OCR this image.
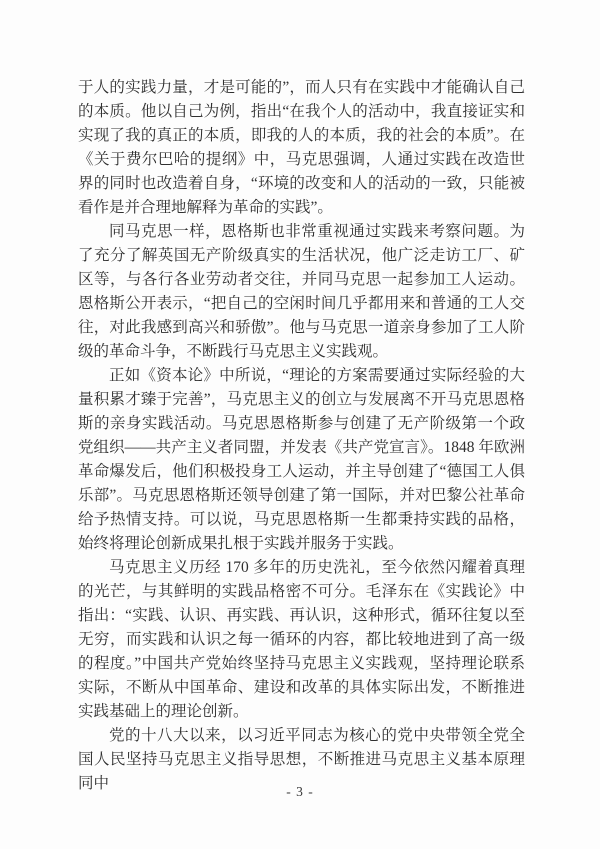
于人的实践力量，才是可能的”，而人只有在实践中才能确认自己的本质。他以自己为例，指出“在我个人的活动中，我直接证实和实现了我的真正的本质，即我的人的本质，我的社会的本质”。在《关于费尔巴哈的提纲》中，马克思强调，人通过实践在改造世界的同时也改造着自身，“环境的改变和人的活动的一致，只能被看作是并合理地解释为革命的实践”。

同马克思一样，恩格斯也非常重视通过实践来考察问题。为了充分了解英国无产阶级真实的生活状况，他广泛走访工厂、矿区等，与各行各业劳动者交往，并同马克思一起参加工人运动。恩格斯公开表示，“把自己的空闲时间几乎都用来和普通的工人交往，对此我感到高兴和骄傲”。他与马克思一道亲身参加了工人阶级的革命斗争，不断践行马克思主义实践观。

正如《资本论》中所说，“理论的方案需要通过实际经验的大量积累才臻于完善”，马克思主义的创立与发展离不开马克思恩格斯的亲身实践活动。马克思恩格斯参与创建了无产阶级第一个政党组织——共产主义者同盟，并发表《共产党宣言》。1848 年欧洲革命爆发后，他们积极投身工人运动，并主导创建了“德国工人俱乐部”。马克思恩格斯还领导创建了第一国际，并对巴黎公社革命给予热情支持。可以说，马克思恩格斯一生都秉持实践的品格，始终将理论创新成果扎根于实践并服务于实践。

马克思主义历经 170 多年的历史洗礼，至今依然闪耀着真理的光芒，与其鲜明的实践品格密不可分。毛泽东在《实践论》中指出：“实践、认识、再实践、再认识，这种形式，循环往复以至无穷，而实践和认识之每一循环的内容，都比较地进到了高一级的程度。”中国共产党始终坚持马克思主义实践观，坚持理论联系实际，不断从中国革命、建设和改革的具体实际出发，不断推进实践基础上的理论创新。

党的十八大以来，以习近平同志为核心的党中央带领全党全国人民坚持马克思主义指导思想，不断推进马克思主义基本原理同中	- 3 -
